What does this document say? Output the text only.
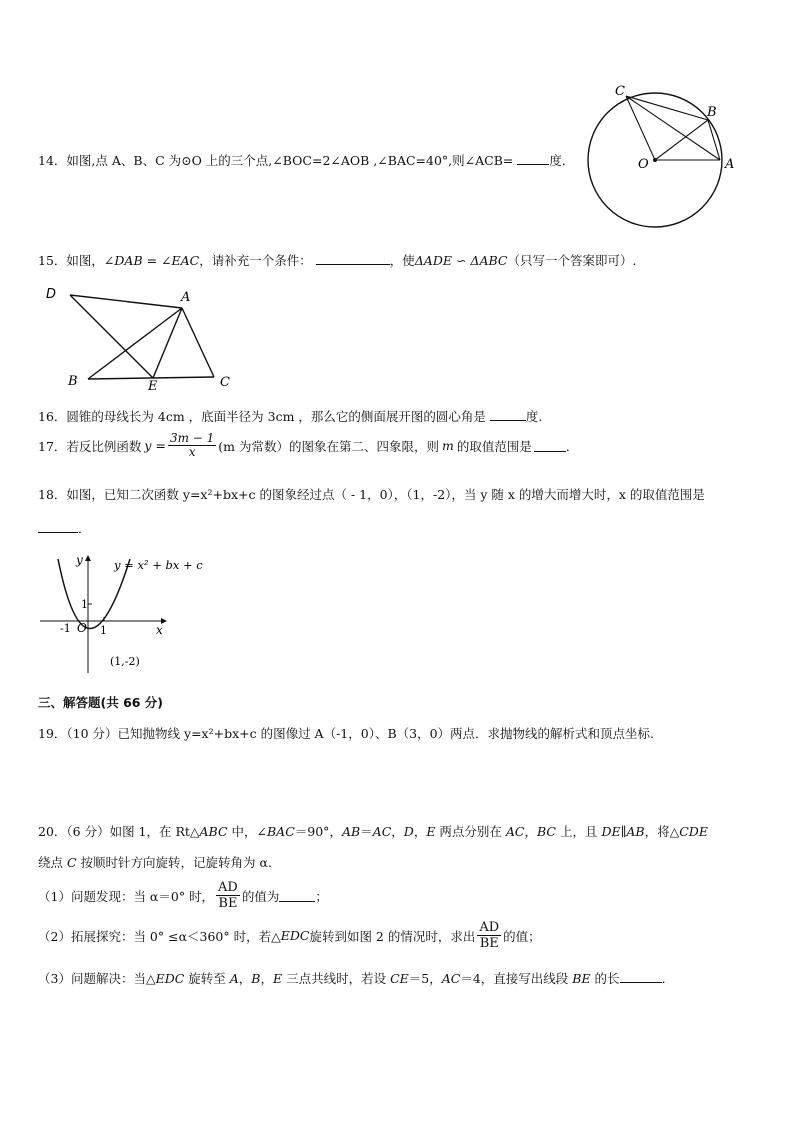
14．如图,点 A、B、C 为⊙O 上的三个点,∠BOC=2∠AOB ,∠BAC=40°,则∠ACB=	度．
C
B
O	A
15．如图，∠DAB = ∠EAC，请补充一个条件：	，使ΔADE ∽ ΔABC（只写一个答案即可）.
D	A
B	E	C
16．圆锥的母线长为 4cm ，底面半径为 3cm ，那么它的侧面展开图的圆心角是	度.
17． 若反比例函数 $y = \frac{3m - 1}{x} (m$ 为常数）的图象在第二、四象限，则 m 的取值范围是	．
18．如图，已知二次函数 y=x²+bx+c 的图象经过点（ - 1，0），（1，-2），当 y 随 x 的增大而增大时，x 的取值范围是
．
y = x² + bx + c
y
x
O
-1	1
1
(1,-2)
三、解答题(共 66 分)
19．（10 分）已知抛物线 y=x²+bx+c 的图像过 A（-1，0）、B（3，0）两点．求抛物线的解析式和顶点坐标.
20．（6 分）如图 1，在 Rt△ABC 中，∠BAC＝90°，AB＝AC，D，E 两点分别在 AC，BC 上，且 DE∥AB，将△CDE
绕点 C 按顺时针方向旋转，记旋转角为 α.
（1）问题发现：当 α＝0° 时， $\frac{AD}{BE}$ 的值为	；
（2）拓展探究：当 0° ≤α＜360° 时，若△ EDC 旋转到如图 2 的情况时，求出 $\frac{AD}{BE}$ 的值；
（3）问题解决：当△EDC 旋转至 A，B，E 三点共线时，若设 CE＝5，AC＝4，直接写出线段 BE 的长	.
